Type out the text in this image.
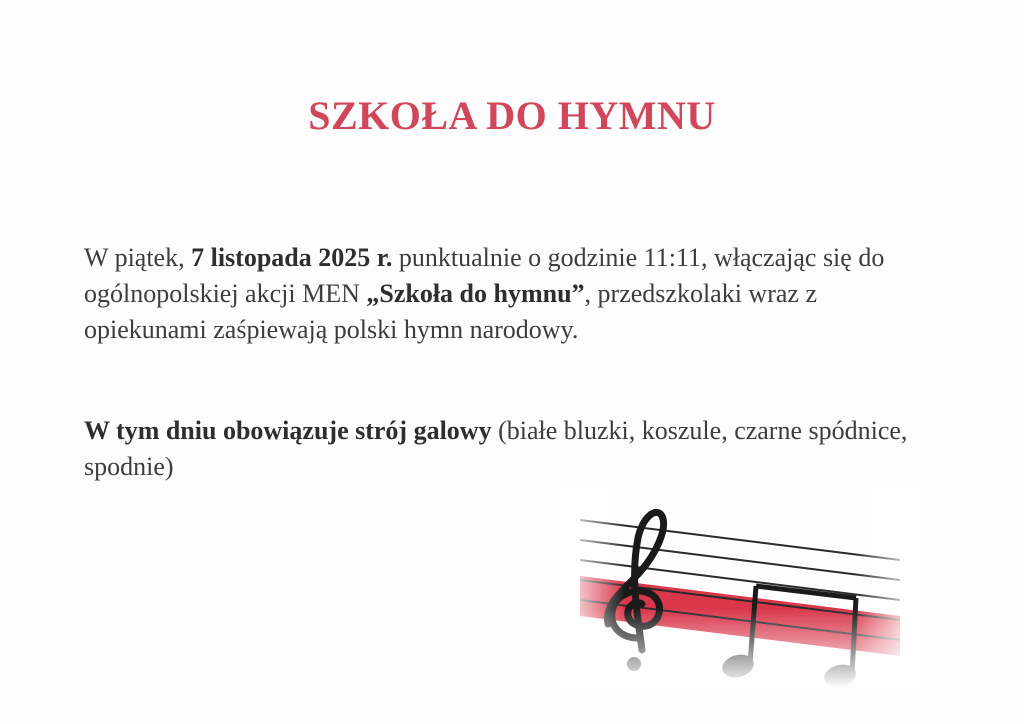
SZKOŁA DO HYMNU
W piątek, 7 listopada 2025 r. punktualnie o godzinie 11:11, włączając się do ogólnopolskiej akcji MEN „Szkoła do hymnu”, przedszkolaki wraz z opiekunami zaśpiewają polski hymn narodowy.
W tym dniu obowiązuje strój galowy (białe bluzki, koszule, czarne spódnice, spodnie)
